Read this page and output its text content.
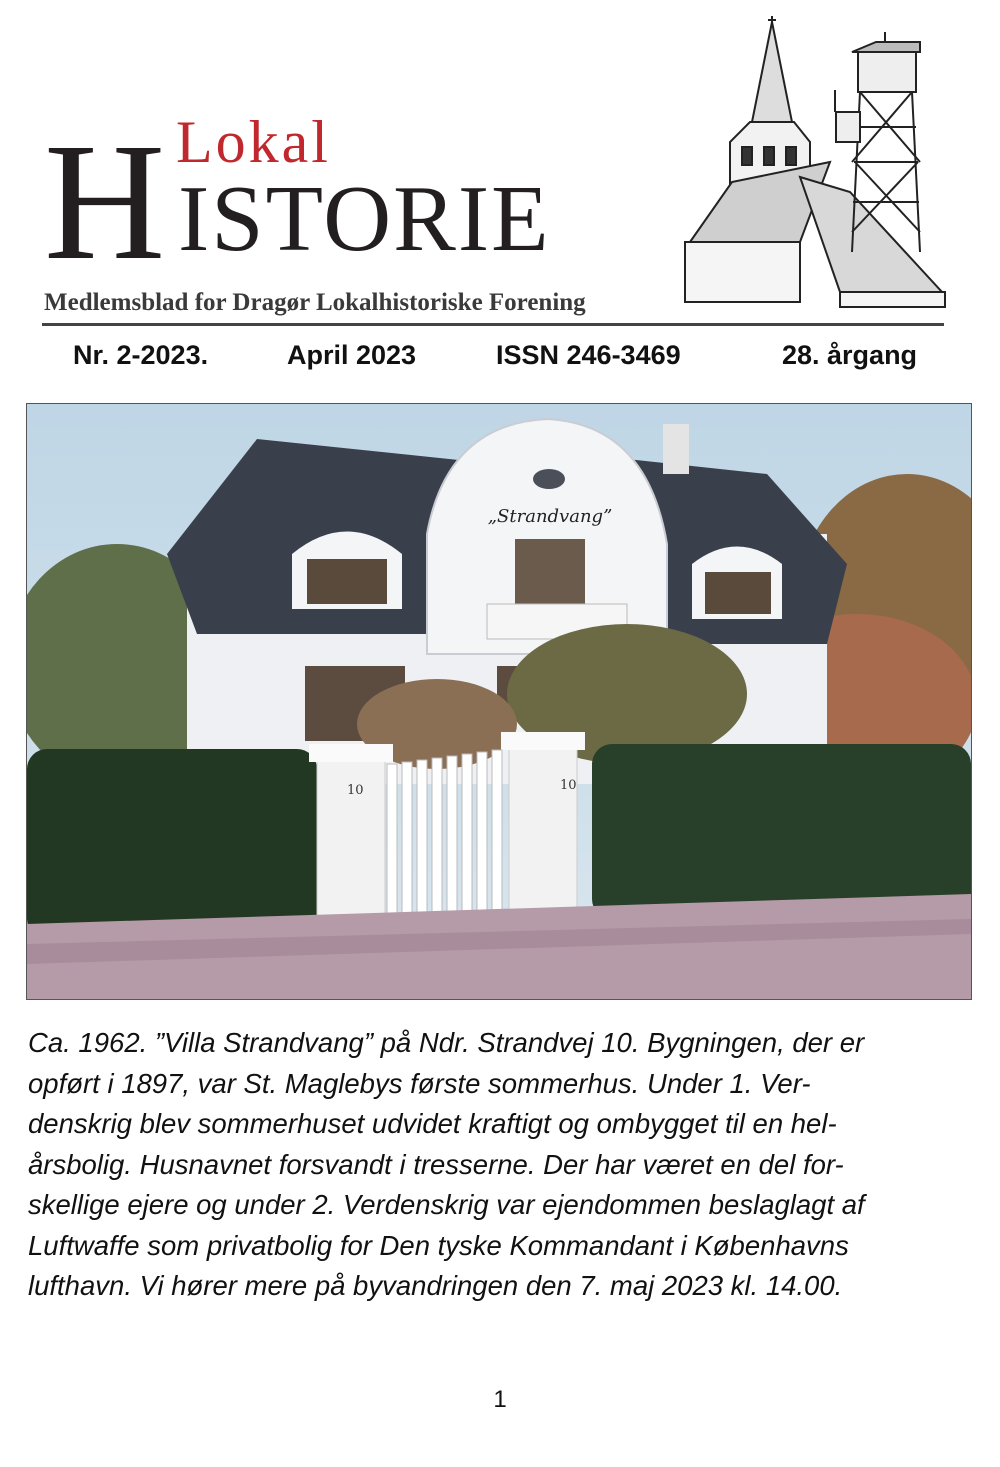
Lokal
H ISTORIE
Medlemsblad for Dragør Lokalhistoriske Forening
Nr. 2-2023.	April 2023	ISSN 246-3469	28. årgang
„Strandvang”
10	10
Ca. 1962. ”Villa Strandvang” på Ndr. Strandvej 10. Bygningen, der er
opført i 1897, var St. Maglebys første sommerhus. Under 1. Ver-
denskrig blev sommerhuset udvidet kraftigt og ombygget til en hel-
årsbolig. Husnavnet forsvandt i tresserne. Der har været en del for-
skellige ejere og under 2. Verdenskrig var ejendommen beslaglagt af
Luftwaffe som privatbolig for Den tyske Kommandant i Københavns
lufthavn. Vi hører mere på byvandringen den 7. maj 2023 kl. 14.00.
1
